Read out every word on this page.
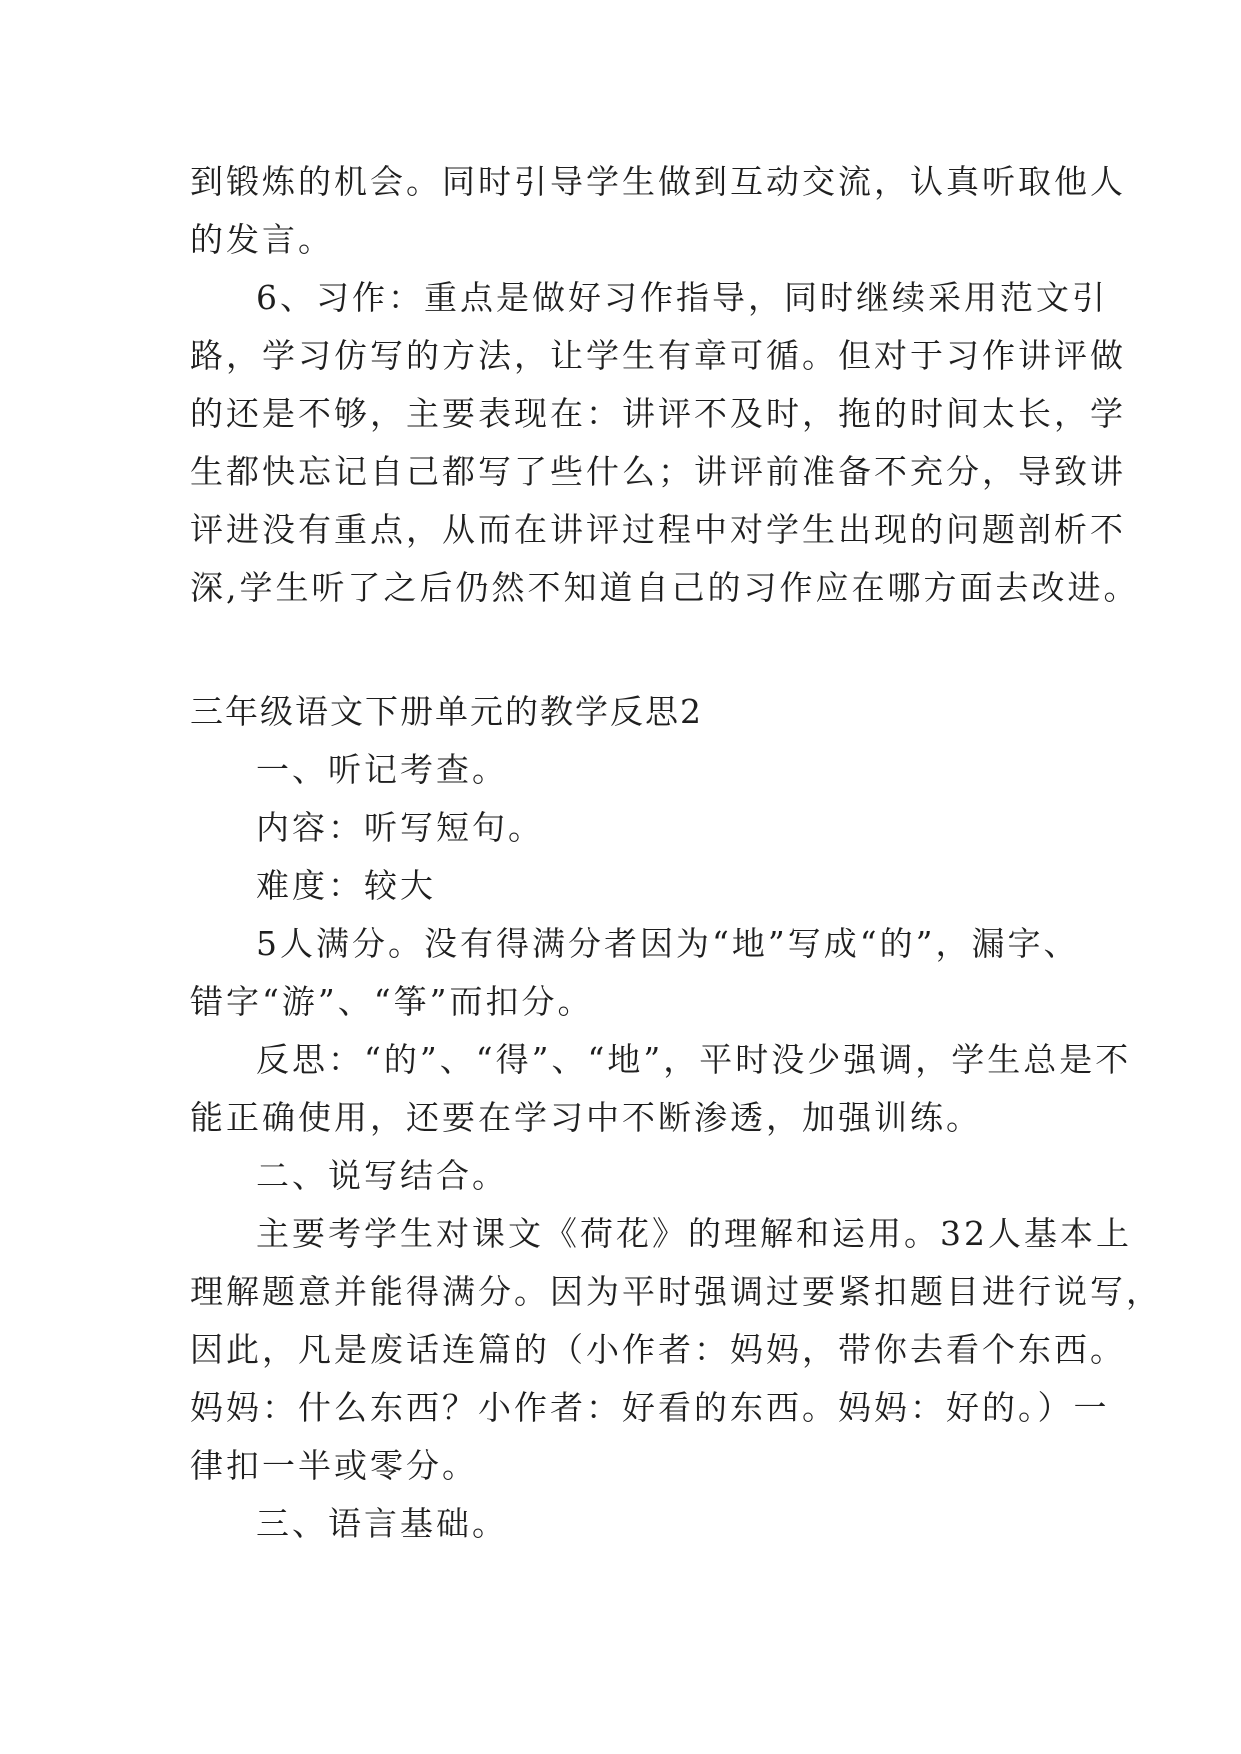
到锻炼的机会。同时引导学生做到互动交流，认真听取他人
的发言。
6、习作：重点是做好习作指导，同时继续采用范文引
路，学习仿写的方法，让学生有章可循。但对于习作讲评做
的还是不够，主要表现在：讲评不及时，拖的时间太长，学
生都快忘记自己都写了些什么；讲评前准备不充分，导致讲
评进没有重点，从而在讲评过程中对学生出现的问题剖析不
深,学生听了之后仍然不知道自己的习作应在哪方面去改进。
三年级语文下册单元的教学反思2
一、听记考查。
内容：听写短句。
难度：较大
5人满分。没有得满分者因为“地”写成“的”，漏字、
错字“游”、“筝”而扣分。
反思：“的”、“得”、“地”，平时没少强调，学生总是不
能正确使用，还要在学习中不断渗透，加强训练。
二、说写结合。
主要考学生对课文《荷花》的理解和运用。32人基本上
理解题意并能得满分。因为平时强调过要紧扣题目进行说写，
因此，凡是废话连篇的（小作者：妈妈，带你去看个东西。
妈妈：什么东西？小作者：好看的东西。妈妈：好的。）一
律扣一半或零分。
三、语言基础。
